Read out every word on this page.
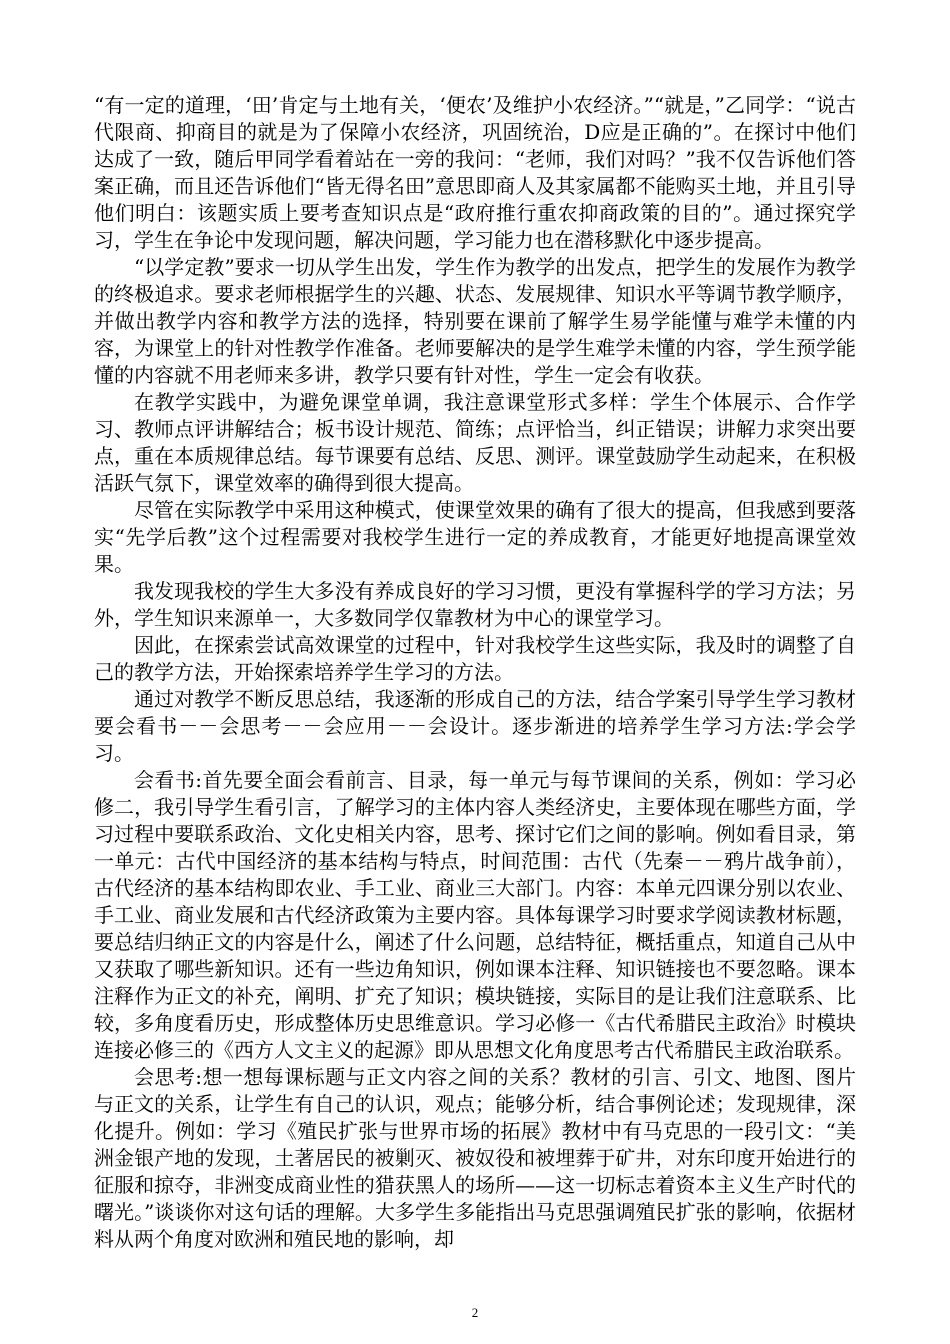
“有一定的道理，‘田’肯定与土地有关，‘便农’及维护小农经济。”“就是，”乙同学：“说古代限商、抑商目的就是为了保障小农经济，巩固统治，D应是正确的”。在探讨中他们达成了一致，随后甲同学看着站在一旁的我问：“老师，我们对吗？”我不仅告诉他们答案正确，而且还告诉他们“皆无得名田”意思即商人及其家属都不能购买土地，并且引导他们明白：该题实质上要考查知识点是“政府推行重农抑商政策的目的”。通过探究学习，学生在争论中发现问题，解决问题，学习能力也在潜移默化中逐步提高。

“以学定教”要求一切从学生出发，学生作为教学的出发点，把学生的发展作为教学的终极追求。要求老师根据学生的兴趣、状态、发展规律、知识水平等调节教学顺序，并做出教学内容和教学方法的选择，特别要在课前了解学生易学能懂与难学未懂的内容，为课堂上的针对性教学作准备。老师要解决的是学生难学未懂的内容，学生预学能懂的内容就不用老师来多讲，教学只要有针对性，学生一定会有收获。

在教学实践中，为避免课堂单调，我注意课堂形式多样：学生个体展示、合作学习、教师点评讲解结合；板书设计规范、简练；点评恰当，纠正错误；讲解力求突出要点，重在本质规律总结。每节课要有总结、反思、测评。课堂鼓励学生动起来，在积极活跃气氛下，课堂效率的确得到很大提高。

尽管在实际教学中采用这种模式，使课堂效果的确有了很大的提高，但我感到要落实“先学后教”这个过程需要对我校学生进行一定的养成教育，才能更好地提高课堂效果。

我发现我校的学生大多没有养成良好的学习习惯，更没有掌握科学的学习方法；另外，学生知识来源单一，大多数同学仅靠教材为中心的课堂学习。

因此，在探索尝试高效课堂的过程中，针对我校学生这些实际，我及时的调整了自己的教学方法，开始探索培养学生学习的方法。

通过对教学不断反思总结，我逐渐的形成自己的方法，结合学案引导学生学习教材要会看书－－会思考－－会应用－－会设计。逐步渐进的培养学生学习方法:学会学习。

会看书:首先要全面会看前言、目录，每一单元与每节课间的关系，例如：学习必修二，我引导学生看引言，了解学习的主体内容人类经济史，主要体现在哪些方面，学习过程中要联系政治、文化史相关内容，思考、探讨它们之间的影响。例如看目录，第一单元：古代中国经济的基本结构与特点，时间范围：古代（先秦－－鸦片战争前），古代经济的基本结构即农业、手工业、商业三大部门。内容：本单元四课分别以农业、手工业、商业发展和古代经济政策为主要内容。具体每课学习时要求学阅读教材标题，要总结归纳正文的内容是什么，阐述了什么问题，总结特征，概括重点，知道自己从中又获取了哪些新知识。还有一些边角知识，例如课本注释、知识链接也不要忽略。课本注释作为正文的补充，阐明、扩充了知识；模块链接，实际目的是让我们注意联系、比较，多角度看历史，形成整体历史思维意识。学习必修一《古代希腊民主政治》时模块连接必修三的《西方人文主义的起源》即从思想文化角度思考古代希腊民主政治联系。

会思考:想一想每课标题与正文内容之间的关系？教材的引言、引文、地图、图片与正文的关系，让学生有自己的认识，观点；能够分析，结合事例论述；发现规律，深化提升。例如：学习《殖民扩张与世界市场的拓展》教材中有马克思的一段引文：“美洲金银产地的发现，土著居民的被剿灭、被奴役和被埋葬于矿井，对东印度开始进行的征服和掠夺，非洲变成商业性的猎获黑人的场所——这一切标志着资本主义生产时代的曙光。”谈谈你对这句话的理解。大多学生多能指出马克思强调殖民扩张的影响，依据材料从两个角度对欧洲和殖民地的影响，却

2
